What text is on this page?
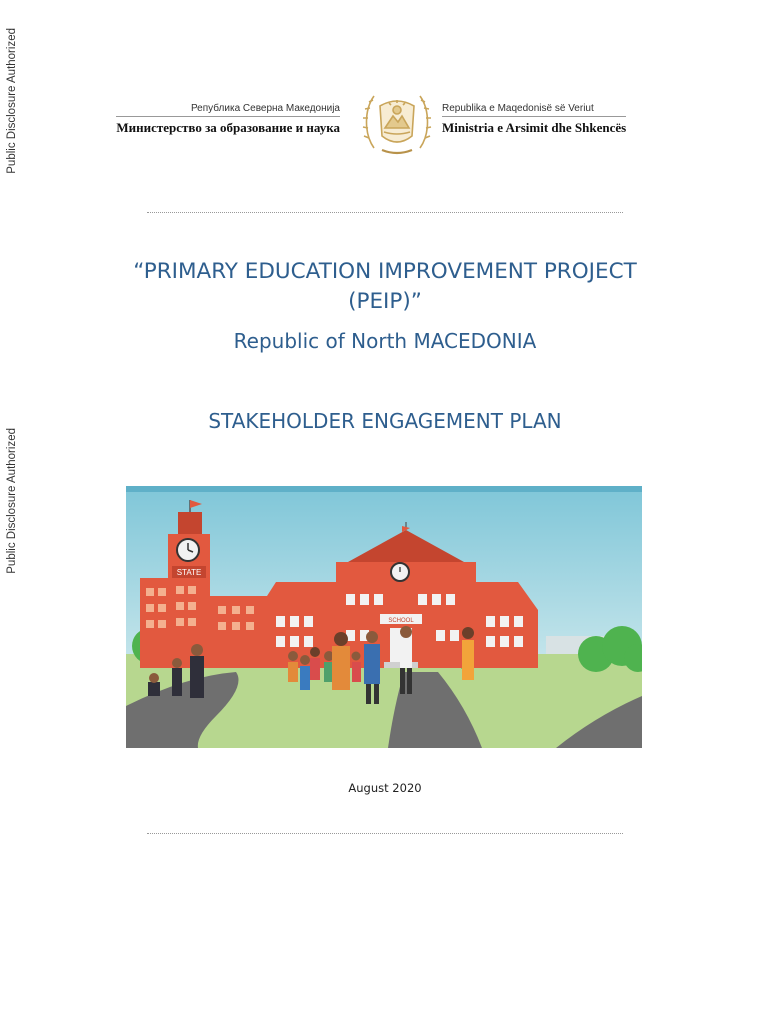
Public Disclosure Authorized
Public Disclosure Authorized
Република Северна Македонија
Министерство за образование и наука
Republika e Maqedonisë së Veriut
Ministria e Arsimit dhe Shkencës
“PRIMARY EDUCATION IMPROVEMENT PROJECT
(PEIP)”
Republic of North MACEDONIA
STAKEHOLDER ENGAGEMENT PLAN
STATE
SCHOOL
August 2020
